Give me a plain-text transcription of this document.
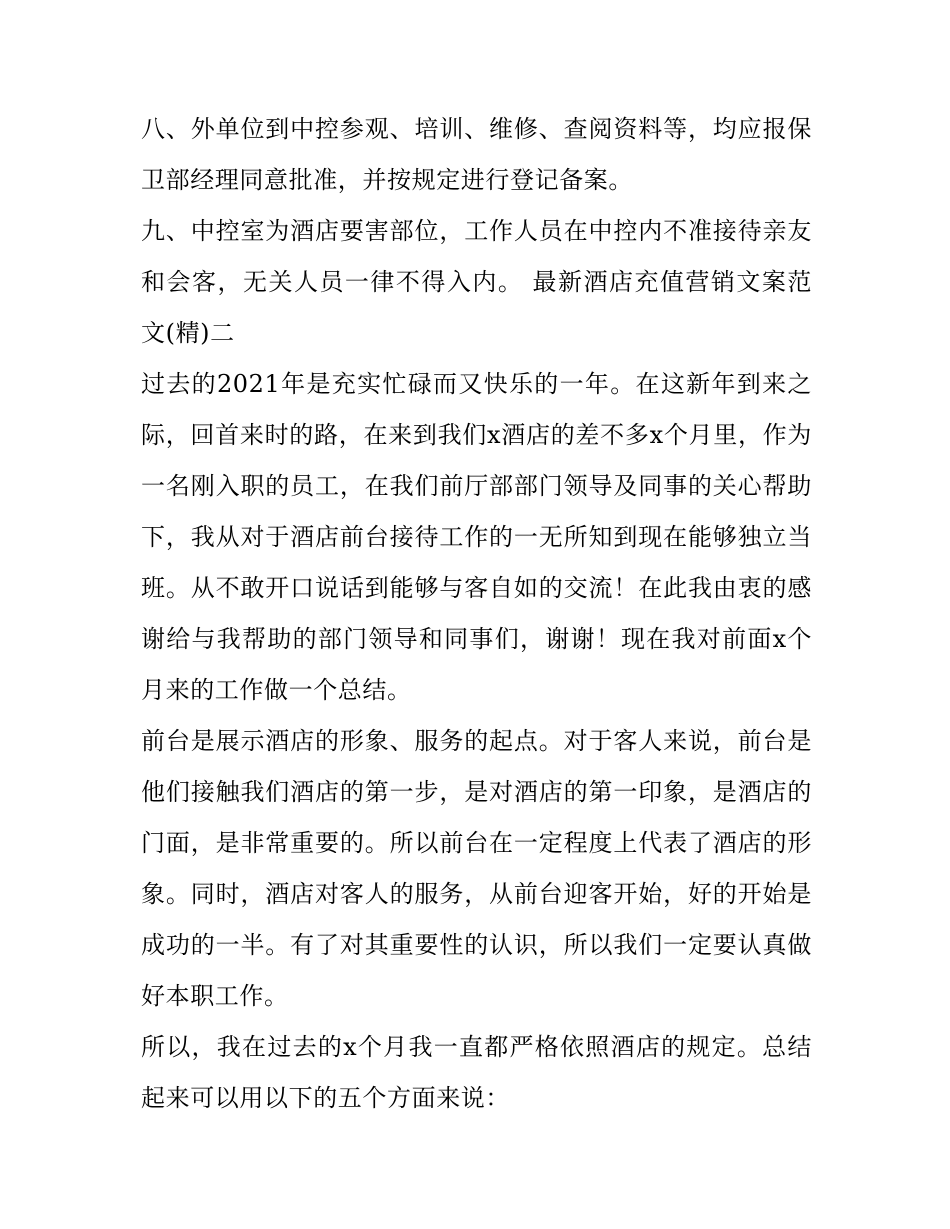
八、外单位到中控参观、培训、维修、查阅资料等，均应报保卫部经理同意批准，并按规定进行登记备案。

九、中控室为酒店要害部位，工作人员在中控内不准接待亲友和会客，无关人员一律不得入内。 最新酒店充值营销文案范文(精)二

过去的2021年是充实忙碌而又快乐的一年。在这新年到来之际，回首来时的路，在来到我们x酒店的差不多x个月里，作为一名刚入职的员工，在我们前厅部部门领导及同事的关心帮助下，我从对于酒店前台接待工作的一无所知到现在能够独立当班。从不敢开口说话到能够与客自如的交流！在此我由衷的感谢给与我帮助的部门领导和同事们，谢谢！现在我对前面x个月来的工作做一个总结。

前台是展示酒店的形象、服务的起点。对于客人来说，前台是他们接触我们酒店的第一步，是对酒店的第一印象，是酒店的门面，是非常重要的。所以前台在一定程度上代表了酒店的形象。同时，酒店对客人的服务，从前台迎客开始，好的开始是成功的一半。有了对其重要性的认识，所以我们一定要认真做好本职工作。

所以，我在过去的x个月我一直都严格依照酒店的规定。总结起来可以用以下的五个方面来说：
